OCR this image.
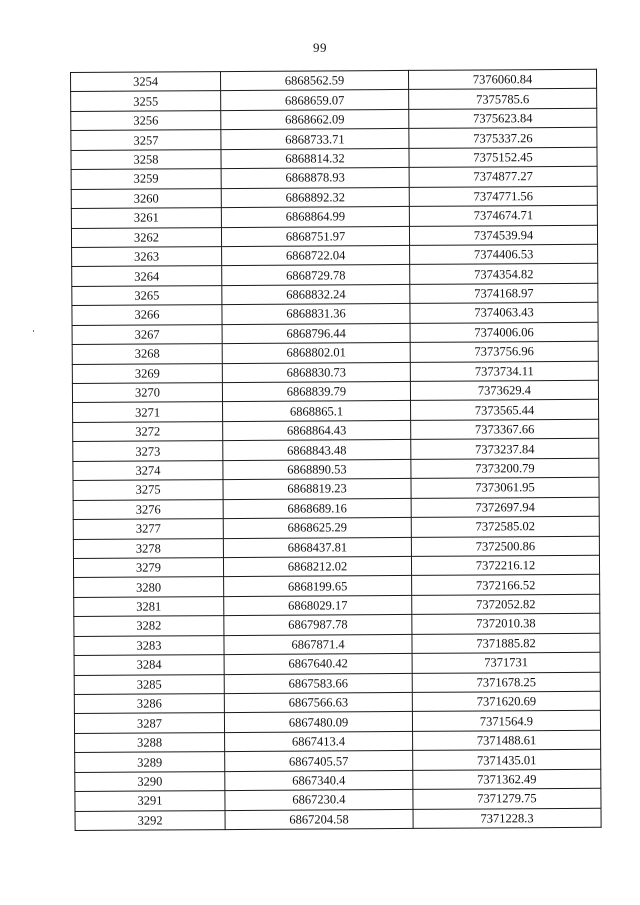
99
3254	6868562.59	7376060.84
3255	6868659.07	7375785.6
3256	6868662.09	7375623.84
3257	6868733.71	7375337.26
3258	6868814.32	7375152.45
3259	6868878.93	7374877.27
3260	6868892.32	7374771.56
3261	6868864.99	7374674.71
3262	6868751.97	7374539.94
3263	6868722.04	7374406.53
3264	6868729.78	7374354.82
3265	6868832.24	7374168.97
3266	6868831.36	7374063.43
3267	6868796.44	7374006.06
3268	6868802.01	7373756.96
3269	6868830.73	7373734.11
3270	6868839.79	7373629.4
3271	6868865.1	7373565.44
3272	6868864.43	7373367.66
3273	6868843.48	7373237.84
3274	6868890.53	7373200.79
3275	6868819.23	7373061.95
3276	6868689.16	7372697.94
3277	6868625.29	7372585.02
3278	6868437.81	7372500.86
3279	6868212.02	7372216.12
3280	6868199.65	7372166.52
3281	6868029.17	7372052.82
3282	6867987.78	7372010.38
3283	6867871.4	7371885.82
3284	6867640.42	7371731
3285	6867583.66	7371678.25
3286	6867566.63	7371620.69
3287	6867480.09	7371564.9
3288	6867413.4	7371488.61
3289	6867405.57	7371435.01
3290	6867340.4	7371362.49
3291	6867230.4	7371279.75
3292	6867204.58	7371228.3
